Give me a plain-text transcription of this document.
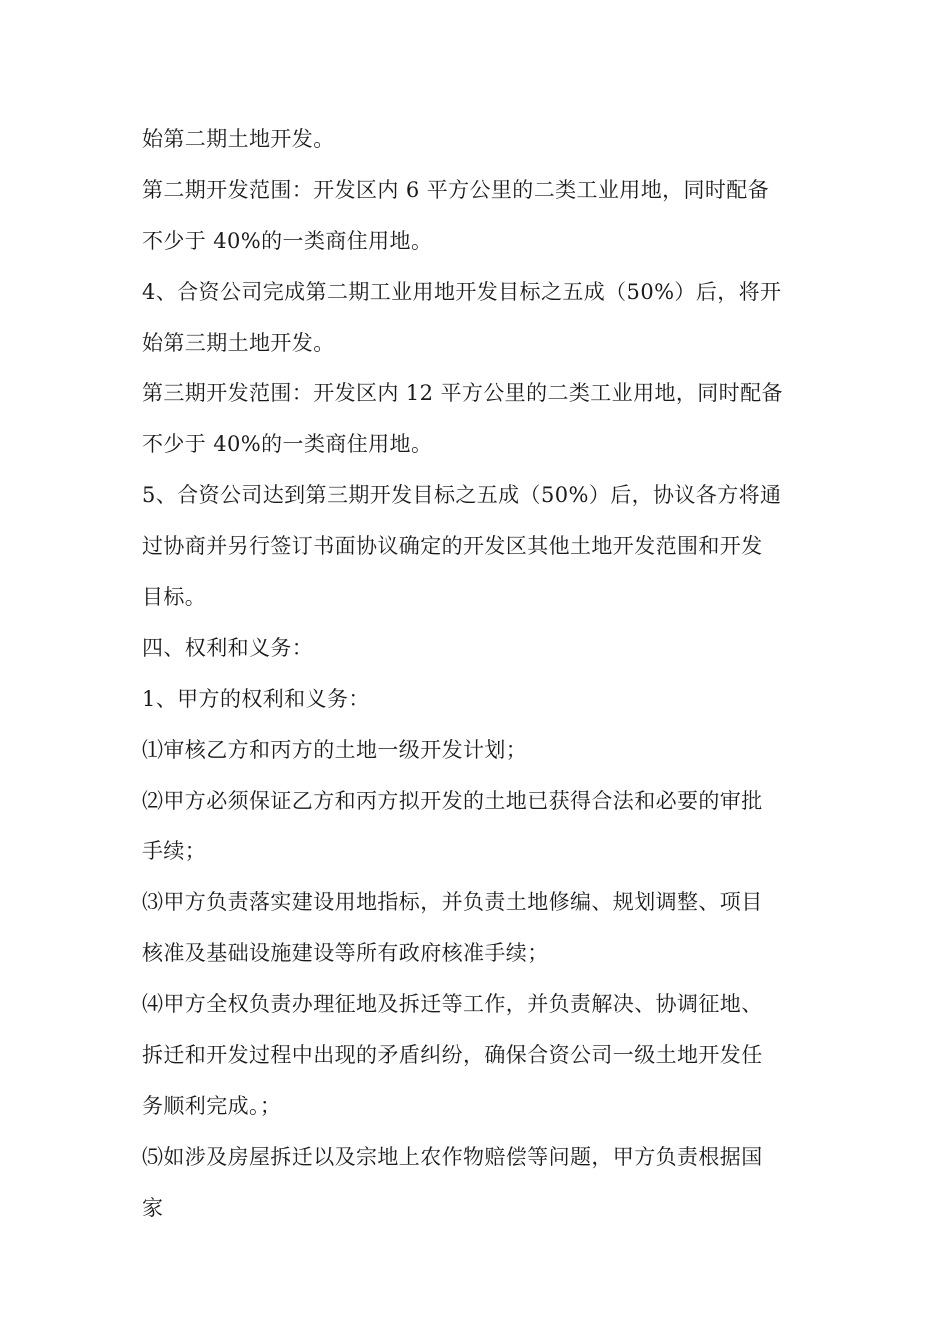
始第二期土地开发。
第二期开发范围：开发区内 6 平方公里的二类工业用地，同时配备
不少于 40%的一类商住用地。
4、合资公司完成第二期工业用地开发目标之五成（50%）后，将开
始第三期土地开发。
第三期开发范围：开发区内 12 平方公里的二类工业用地，同时配备
不少于 40%的一类商住用地。
5、合资公司达到第三期开发目标之五成（50%）后，协议各方将通
过协商并另行签订书面协议确定的开发区其他土地开发范围和开发
目标。
四、权利和义务：
1、甲方的权利和义务：
⑴审核乙方和丙方的土地一级开发计划；
⑵甲方必须保证乙方和丙方拟开发的土地已获得合法和必要的审批
手续；
⑶甲方负责落实建设用地指标，并负责土地修编、规划调整、项目
核准及基础设施建设等所有政府核准手续；
⑷甲方全权负责办理征地及拆迁等工作，并负责解决、协调征地、
拆迁和开发过程中出现的矛盾纠纷，确保合资公司一级土地开发任
务顺利完成。；
⑸如涉及房屋拆迁以及宗地上农作物赔偿等问题，甲方负责根据国
家
